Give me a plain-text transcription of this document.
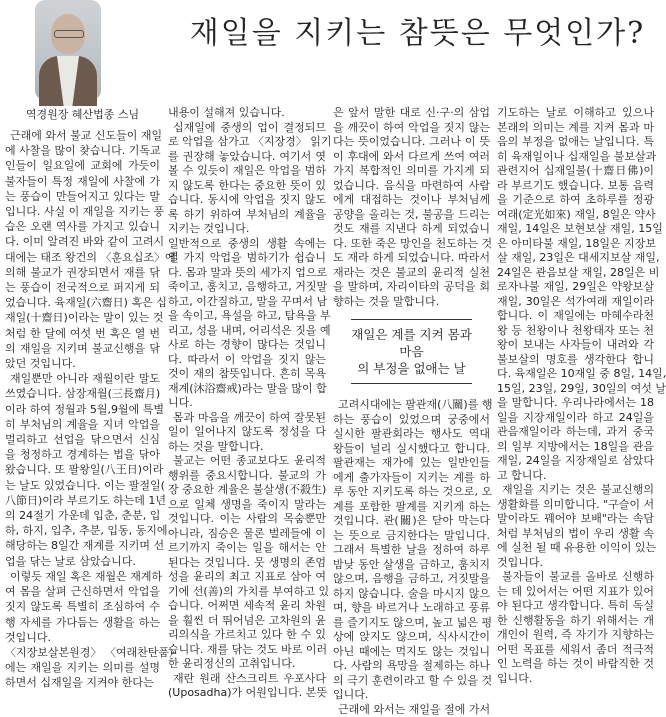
역경원장 혜산법종 스님
재일을 지키는 참뜻은 무엇인가?
근래에 와서 불교 신도들이 재일
에 사찰을 많이 찾습니다. 기독교
인들이 일요일에 교회에 가듯이
불자들이 특정 재일에 사찰에 가
는 풍습이 만들어지고 있다는 말
입니다. 사실 이 재일을 지키는 풍
습은 오랜 역사를 가지고 있습니
다. 이미 알려진 바와 같이 고려시
대에는 태조 왕건의 〈훈요십조〉에
의해 불교가 권장되면서 재를 닦
는 풍습이 전국적으로 퍼지게 되
었습니다. 육재일(六齋日) 혹은 십
재일(十齋日)이라는 말이 있는 것
처럼 한 달에 여섯 번 혹은 열 번
의 재일을 지키며 불교신행을 닦
았던 것입니다.
재일뿐만 아니라 재월이란 말도
쓰였습니다. 삼장재월(三長齋月)
이라 하여 정월과 5월,9월에 특별
히 부처님의 계율을 지녀 악업을
멀리하고 선업을 닦으면서 신심
을 청정하고 경계하는 법을 닦아
왔습니다. 또 팔왕일(八王日)이라
는 날도 있었습니다. 이는 팔절일(
八節日)이라 부르기도 하는데 1년
의 24절기 가운데 입춘, 춘분, 입
하, 하지, 입추, 추분, 입동, 동지에
해당하는 8일간 재계를 지키며 선
업을 닦는 날로 삼았습니다.
이렇듯 재일 혹은 재월은 재계하
여 몸을 살펴 근신하면서 악업을
짓지 않도록 특별히 조심하여 수
행 자세를 가다듬는 생활을 하는
것입니다.
〈지장보살본원경〉 〈여래찬탄품〉
에는 재일을 지키는 의미를 설명
하면서 십재일을 지켜야 한다는
내용이 설해져 있습니다.
십재일에 중생의 업이 결정되므
로 악업을 삼가고 〈지장경〉 읽기
를 권장해 놓았습니다. 여기서 엿
볼 수 있듯이 재일은 악업을 범하
지 않도록 한다는 중요한 뜻이 있
습니다. 동시에 악업을 짓지 않도
록 하기 위하여 부처님의 계율을
지키는 것입니다.
일반적으로 중생의 생활 속에는
열 가지 악업을 범하기가 쉽습니
다. 몸과 말과 뜻의 세가지 업으로
죽이고, 훔치고, 음행하고, 거짓말
하고, 이간질하고, 말을 꾸며서 남
을 속이고, 욕설을 하고, 탐욕을 부
리고, 성을 내며, 어리석은 짓을 예
사로 하는 경향이 많다는 것입니
다. 따라서 이 악업을 짓지 않는
것이 재의 참뜻입니다. 흔히 목욕
재계(沐浴齋戒)라는 말을 많이 합
니다.
몸과 마음을 깨끗이 하여 잘못된
일이 일어나지 않도록 정성을 다
하는 것을 말합니다.
불교는 어떤 종교보다도 윤리적
행위를 중요시합니다. 불교의 가
장 중요한 계율은 불살생(不殺生)
으로 일체 생명을 죽이지 말라는
것입니다. 이는 사람의 목숨뿐만
아니라, 짐승은 물론 벌레들에 이
르기까지 죽이는 일을 해서는 안
된다는 것입니다. 뭇 생명의 존엄
성을 윤리의 최고 지표로 삼아 여
기에 선(善)의 가치를 부여하고 있
습니다. 어쩌면 세속적 윤리 차원
을 훨씬 더 뛰어넘은 고차원의 윤
리의식을 가르치고 있다 한 수 있
습니다. 재를 닦는 것도 바로 이러
한 윤리정신의 고취입니다.
재란 원래 산스크리트 우포사다
(Uposadha)가 어원입니다. 본뜻
은 앞서 말한 대로 신·구·의 삼업
을 깨끗이 하여 악업을 짓지 않는
다는 뜻이었습니다. 그러나 이 뜻
이 후대에 와서 다르게 쓰여 여러
가지 복합적인 의미를 가지게 되
었습니다. 음식을 마련하여 사람
에게 대접하는 것이나 부처님께
공양을 올리는 것, 불공을 드리는
것도 재를 지낸다 하게 되었습니
다. 또한 죽은 망인을 천도하는 것
도 재라 하게 되었습니다. 따라서
재라는 것은 불교의 윤리적 실천
을 말하며, 자리이타의 공덕을 회
향하는 것을 말합니다.
재일은 계를 지켜 몸과 마음
의 부정을 없애는 날
고려시대에는 팔관재(八關)를 행
하는 풍습이 있었으며 궁중에서
실시한 팔관회라는 행사도 역대
왕들이 널리 실시했다고 합니다.
팔관재는 재가에 있는 일반인들
에게 출가자들이 지키는 계를 하
루 동안 지키도록 하는 것으로, 오
계를 포함한 팔계를 지키게 하는
것입니다. 관(關)은 닫아 막는다
는 뜻으로 금지한다는 말입니다.
그래서 특별한 날을 정하여 하루
밤낮 동안 살생을 금하고, 훔치지
않으며, 음행을 금하고, 거짓말을
하지 않습니다. 술을 마시지 않으
며, 향을 바르거나 노래하고 풍류
를 즐기지도 않으며, 높고 넓은 평
상에 앉지도 않으며, 식사시간이
아닌 때에는 먹지도 않는 것입니
다. 사람의 욕망을 절제하는 하나
의 극기 훈련이라고 할 수 있을 것
입니다.
근래에 와서는 재일을 절에 가서
기도하는 날로 이해하고 있으나
본래의 의미는 계를 지켜 몸과 마
음의 부정을 없애는 날입니다. 특
히 육재일이나 십재일을 불보살과
관련지어 십재일불(十齋日佛)이
라 부르기도 했습니다. 보통 음력
을 기준으로 하여 초하루를 정광
여래(定光如來) 재일, 8일은 약사
재일, 14일은 보현보살 재일, 15일
은 아미타불 재일, 18일은 지장보
살 재일, 23일은 대세지보살 재일,
24일은 관음보살 재일, 28일은 비
로자나불 재일, 29일은 약왕보살
재일, 30일은 석가여래 재일이라
합니다. 이 재일에는 마혜수라천
왕 등 천왕이나 천왕태자 또는 천
왕이 보내는 사자들이 내려와 각
불보살의 명호를 생각한다 합니
다. 육재일은 10재일 중 8일, 14일,
15일, 23일, 29일, 30일의 여섯 날
을 말합니다. 우리나라에서는 18
일을 지장재일이라 하고 24일을
관음재일이라 하는데, 과거 중국
의 일부 지방에서는 18일을 관음
재일, 24일을 지장재일로 삼았다
고 합니다.
재일을 지키는 것은 불교신행의
생활화를 의미합니다. "구슬이 서
말이라도 꿰어야 보배"라는 속담
처럼 부처님의 법이 우리 생활 속
에 실천 될 때 유용한 이익이 있는
것입니다.
불자들이 불교를 올바로 신행하
는 데 있어서는 어떤 지표가 있어
야 된다고 생각합니다. 특히 독실
한 신행활동을 하기 위해서는 개
개인이 원력, 즉 자기가 지향하는
어떤 목표를 세워서 좀더 적극적
인 노력을 하는 것이 바람직한 것
입니다.
